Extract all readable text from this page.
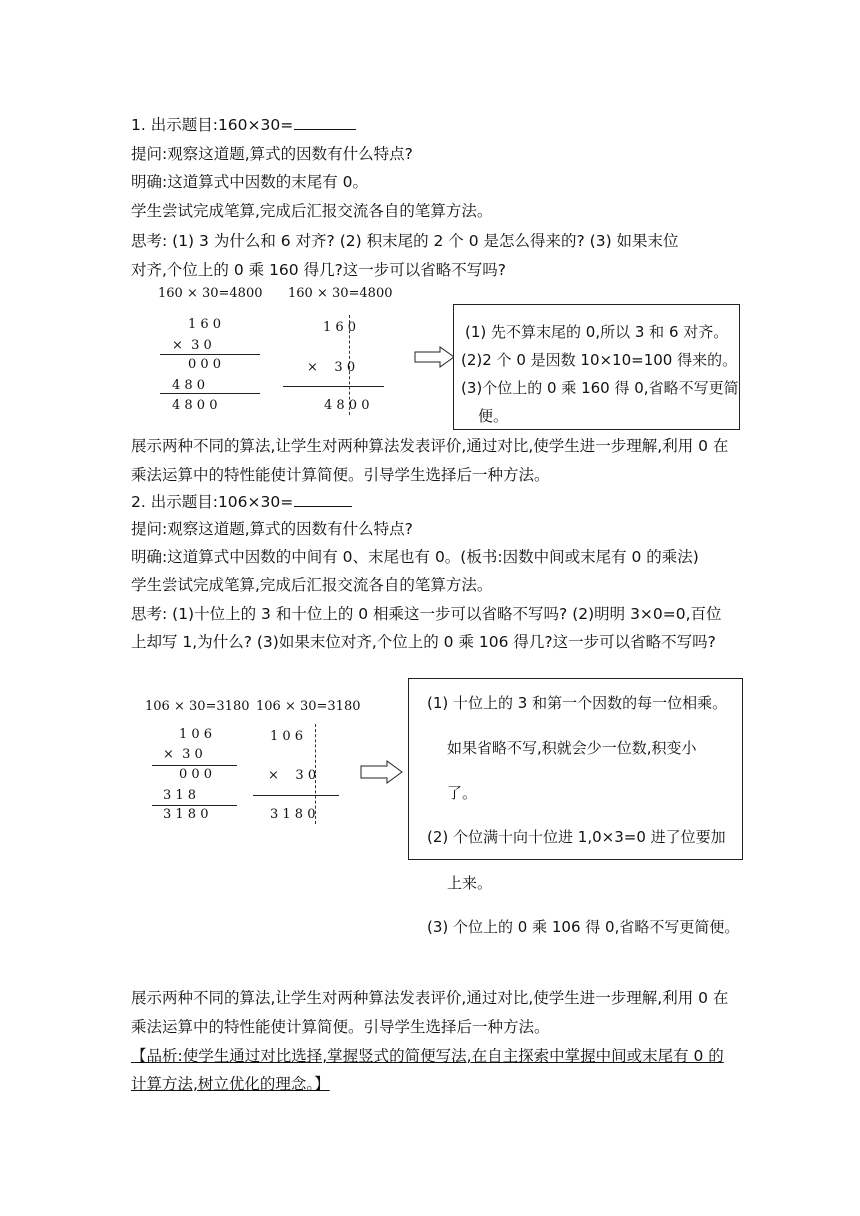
1. 出示题目:160×30=
提问:观察这道题,算式的因数有什么特点?
明确:这道算式中因数的末尾有 0。
学生尝试完成笔算,完成后汇报交流各自的笔算方法。
思考: (1) 3 为什么和 6 对齐? (2) 积末尾的 2 个 0 是怎么得来的? (3) 如果末位
对齐,个位上的 0 乘 160 得几?这一步可以省略不写吗?
160 × 30=4800 160 × 30=4800
1 6 0
×  3 0
0 0 0
4 8 0
4 8 0 0
1 6 0
×    3 0
4 8 0 0
(1) 先不算末尾的 0,所以 3 和 6 对齐。
(2)2 个 0 是因数 10×10=100 得来的。
(3)个位上的 0 乘 160 得 0,省略不写更简
便。
展示两种不同的算法,让学生对两种算法发表评价,通过对比,使学生进一步理解,利用 0 在
乘法运算中的特性能使计算简便。引导学生选择后一种方法。
2. 出示题目:106×30=
提问:观察这道题,算式的因数有什么特点?
明确:这道算式中因数的中间有 0、末尾也有 0。(板书:因数中间或末尾有 0 的乘法)
学生尝试完成笔算,完成后汇报交流各自的笔算方法。
思考: (1)十位上的 3 和十位上的 0 相乘这一步可以省略不写吗? (2)明明 3×0=0,百位
上却写 1,为什么? (3)如果末位对齐,个位上的 0 乘 106 得几?这一步可以省略不写吗?
106 × 30=3180 106 × 30=3180
1 0 6
×  3 0
0 0 0
3 1 8
3 1 8 0
1 0 6
×    3 0
3 1 8 0
(1) 十位上的 3 和第一个因数的每一位相乘。
如果省略不写,积就会少一位数,积变小
了。
(2) 个位满十向十位进 1,0×3=0 进了位要加
上来。
(3) 个位上的 0 乘 106 得 0,省略不写更简便。
展示两种不同的算法,让学生对两种算法发表评价,通过对比,使学生进一步理解,利用 0 在
乘法运算中的特性能使计算简便。引导学生选择后一种方法。
【品析:使学生通过对比选择,掌握竖式的简便写法,在自主探索中掌握中间或末尾有 0 的
计算方法,树立优化的理念。】
